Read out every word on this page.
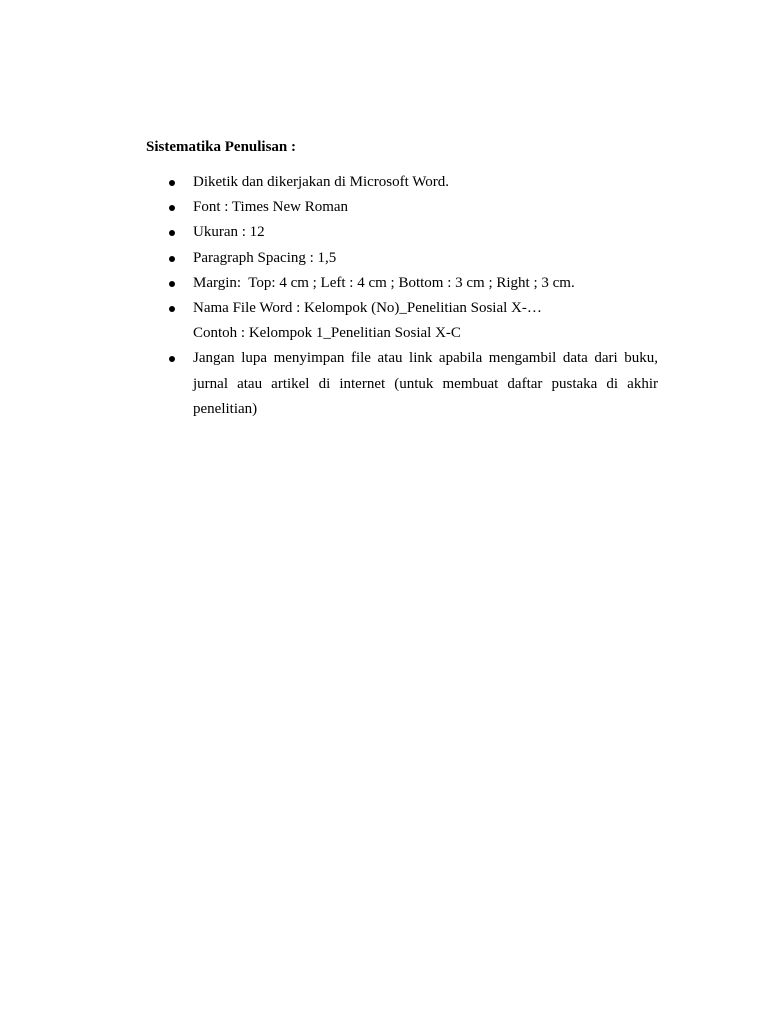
Sistematika Penulisan :
Diketik dan dikerjakan di Microsoft Word.
Font : Times New Roman
Ukuran : 12
Paragraph Spacing : 1,5
Margin:  Top: 4 cm ; Left : 4 cm ; Bottom : 3 cm ; Right ; 3 cm.
Nama File Word : Kelompok (No)_Penelitian Sosial X-…
Contoh : Kelompok 1_Penelitian Sosial X-C
Jangan lupa menyimpan file atau link apabila mengambil data dari buku, jurnal atau artikel di internet (untuk membuat daftar pustaka di akhir penelitian)
